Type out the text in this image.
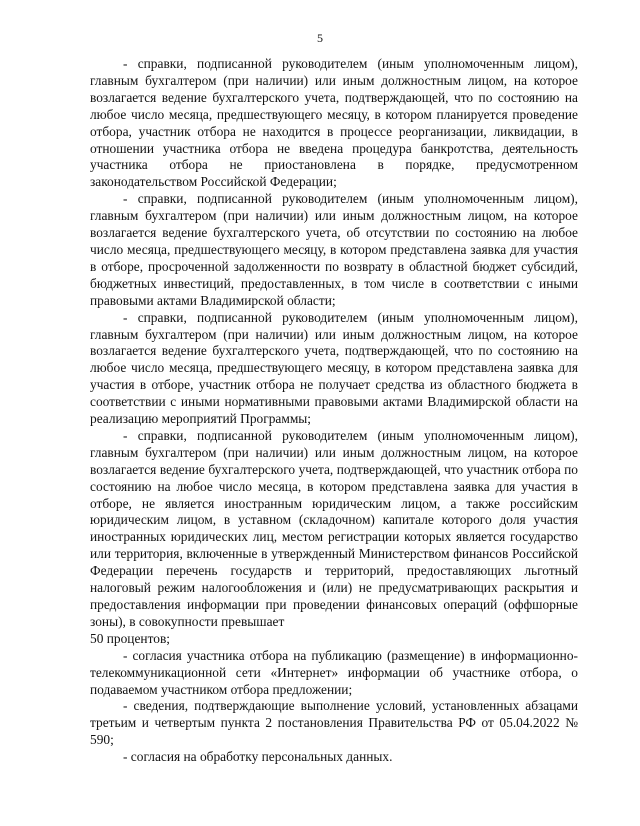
5

- справки, подписанной руководителем (иным уполномоченным лицом), главным бухгалтером (при наличии) или иным должностным лицом, на которое возлагается ведение бухгалтерского учета, подтверждающей, что по состоянию на любое число месяца, предшествующего месяцу, в котором планируется проведение отбора, участник отбора не находится в процессе реорганизации, ликвидации, в отношении участника отбора не введена процедура банкротства, деятельность участника отбора не приостановлена в порядке, предусмотренном законодательством Российской Федерации;

- справки, подписанной руководителем (иным уполномоченным лицом), главным бухгалтером (при наличии) или иным должностным лицом, на которое возлагается ведение бухгалтерского учета, об отсутствии по состоянию на любое число месяца, предшествующего месяцу, в котором представлена заявка для участия в отборе, просроченной задолженности по возврату в областной бюджет субсидий, бюджетных инвестиций, предоставленных, в том числе в соответствии с иными правовыми актами Владимирской области;

- справки, подписанной руководителем (иным уполномоченным лицом), главным бухгалтером (при наличии) или иным должностным лицом, на которое возлагается ведение бухгалтерского учета, подтверждающей, что по состоянию на любое число месяца, предшествующего месяцу, в котором представлена заявка для участия в отборе, участник отбора не получает средства из областного бюджета в соответствии с иными нормативными правовыми актами Владимирской области на реализацию мероприятий Программы;

- справки, подписанной руководителем (иным уполномоченным лицом), главным бухгалтером (при наличии) или иным должностным лицом, на которое возлагается ведение бухгалтерского учета, подтверждающей, что участник отбора по состоянию на любое число месяца, в котором представлена заявка для участия в отборе, не является иностранным юридическим лицом, а также российским юридическим лицом, в уставном (складочном) капитале которого доля участия иностранных юридических лиц, местом регистрации которых является государство или территория, включенные в утвержденный Министерством финансов Российской Федерации перечень государств и территорий, предоставляющих льготный налоговый режим налогообложения и (или) не предусматривающих раскрытия и предоставления информации при проведении финансовых операций (оффшорные зоны), в совокупности превышает

50 процентов;

- согласия участника отбора на публикацию (размещение) в информационно-телекоммуникационной сети «Интернет» информации об участнике отбора, о подаваемом участником отбора предложении;

- сведения, подтверждающие выполнение условий, установленных абзацами третьим и четвертым пункта 2 постановления Правительства РФ от 05.04.2022 № 590;

- согласия на обработку персональных данных.
